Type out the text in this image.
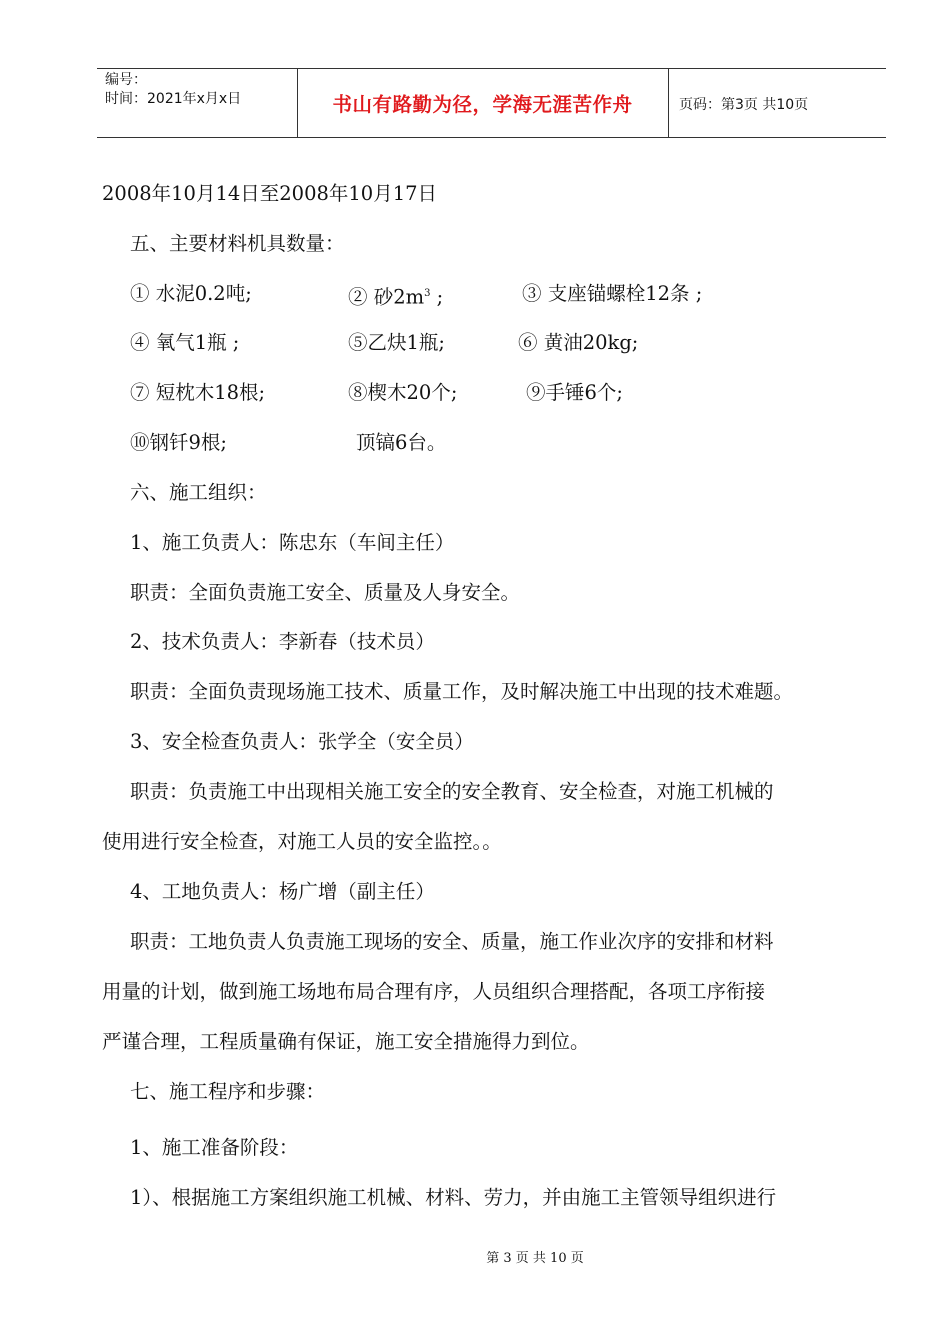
编号：
时间：2021年x月x日	书山有路勤为径，学海无涯苦作舟	页码：第3页 共10页
2008年10月14日至2008年10月17日
五、主要材料机具数量：
① 水泥0.2吨;	② 砂$2m^3$ ;	③ 支座锚螺栓12条 ;
④ 氧气1瓶 ;	⑤乙炔1瓶;	⑥ 黄油20kg;
⑦ 短枕木18根;	⑧楔木20个;	⑨手锤6个;
⑩钢钎9根;	顶镐6台。
六、施工组织：
1、施工负责人：陈忠东（车间主任）
职责：全面负责施工安全、质量及人身安全。
2、技术负责人：李新春（技术员）
职责：全面负责现场施工技术、质量工作，及时解决施工中出现的技术难题。
3、安全检查负责人：张学全（安全员）
职责：负责施工中出现相关施工安全的安全教育、安全检查，对施工机械的
使用进行安全检查，对施工人员的安全监控。。
4、工地负责人：杨广增（副主任）
职责：工地负责人负责施工现场的安全、质量，施工作业次序的安排和材料
用量的计划，做到施工场地布局合理有序，人员组织合理搭配，各项工序衔接
严谨合理，工程质量确有保证，施工安全措施得力到位。
七、施工程序和步骤：
1、施工准备阶段：
1）、根据施工方案组织施工机械、材料、劳力，并由施工主管领导组织进行
第 3 页 共 10 页
